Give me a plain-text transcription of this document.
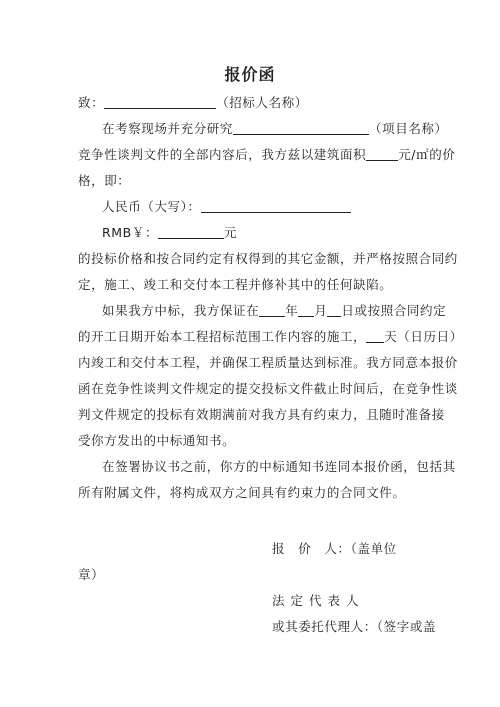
报价函
致：	（招标人名称）
在考察现场并充分研究	（项目名称）
竞争性谈判文件的全部内容后，我方兹以建筑面积	元/㎡的价
格，即：
人民币（大写）：
RMB￥：	元
的投标价格和按合同约定有权得到的其它金额，并严格按照合同约
定，施工、竣工和交付本工程并修补其中的任何缺陷。
如果我方中标，我方保证在 年 月 日或按照合同约定
的开工日期开始本工程招标范围工作内容的施工， 天（日历日）
内竣工和交付本工程，并确保工程质量达到标准。我方同意本报价
函在竞争性谈判文件规定的提交投标文件截止时间后，在竞争性谈
判文件规定的投标有效期满前对我方具有约束力，且随时准备接
受你方发出的中标通知书。
在签署协议书之前，你方的中标通知书连同本报价函，包括其
所有附属文件，将构成双方之间具有约束力的合同文件。
报　价　人：（盖单位
章）
法定代表人
或其委托代理人：（签字或盖
